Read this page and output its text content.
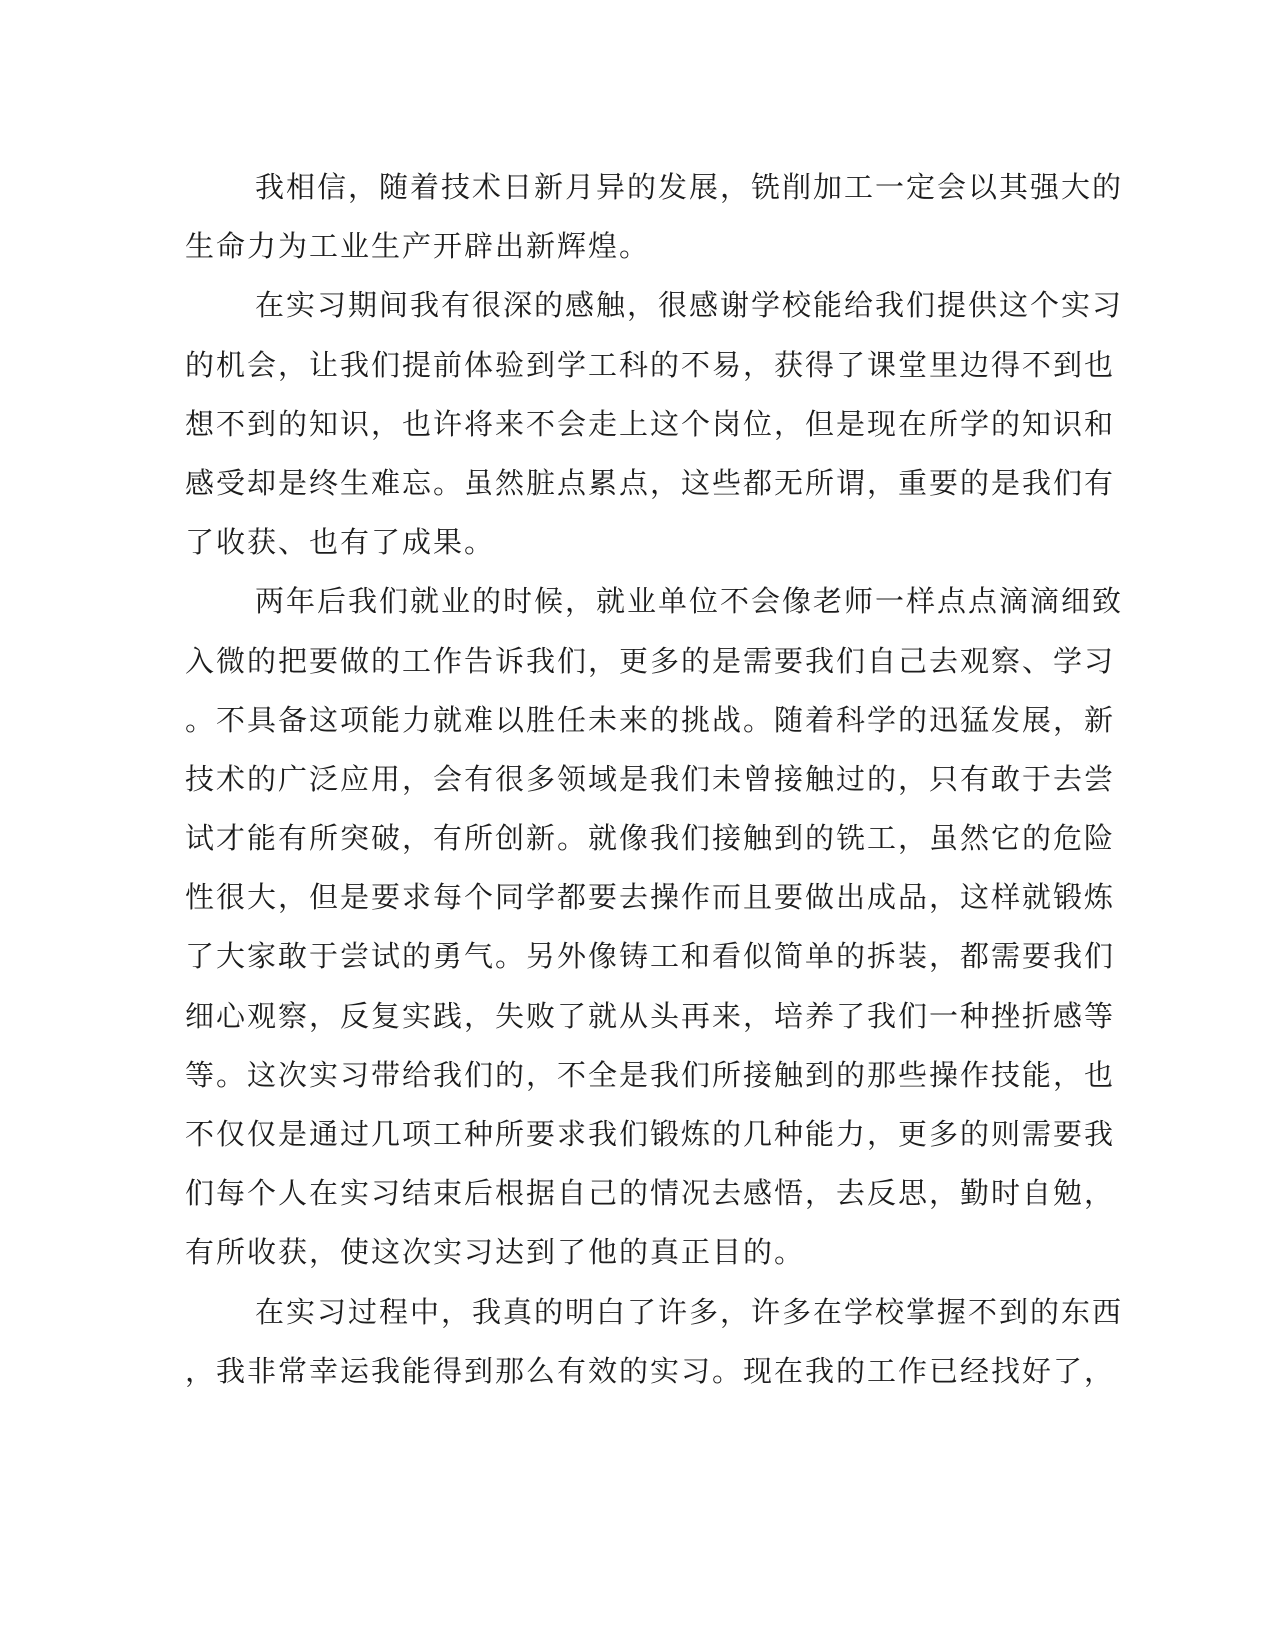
我相信，随着技术日新月异的发展，铣削加工一定会以其强大的
生命力为工业生产开辟出新辉煌。
在实习期间我有很深的感触，很感谢学校能给我们提供这个实习
的机会，让我们提前体验到学工科的不易，获得了课堂里边得不到也
想不到的知识，也许将来不会走上这个岗位，但是现在所学的知识和
感受却是终生难忘。虽然脏点累点，这些都无所谓，重要的是我们有
了收获、也有了成果。
两年后我们就业的时候，就业单位不会像老师一样点点滴滴细致
入微的把要做的工作告诉我们，更多的是需要我们自己去观察、学习
。不具备这项能力就难以胜任未来的挑战。随着科学的迅猛发展，新
技术的广泛应用，会有很多领域是我们未曾接触过的，只有敢于去尝
试才能有所突破，有所创新。就像我们接触到的铣工，虽然它的危险
性很大，但是要求每个同学都要去操作而且要做出成品，这样就锻炼
了大家敢于尝试的勇气。另外像铸工和看似简单的拆装，都需要我们
细心观察，反复实践，失败了就从头再来，培养了我们一种挫折感等
等。这次实习带给我们的，不全是我们所接触到的那些操作技能，也
不仅仅是通过几项工种所要求我们锻炼的几种能力，更多的则需要我
们每个人在实习结束后根据自己的情况去感悟，去反思，勤时自勉，
有所收获，使这次实习达到了他的真正目的。
在实习过程中，我真的明白了许多，许多在学校掌握不到的东西
，我非常幸运我能得到那么有效的实习。现在我的工作已经找好了，
